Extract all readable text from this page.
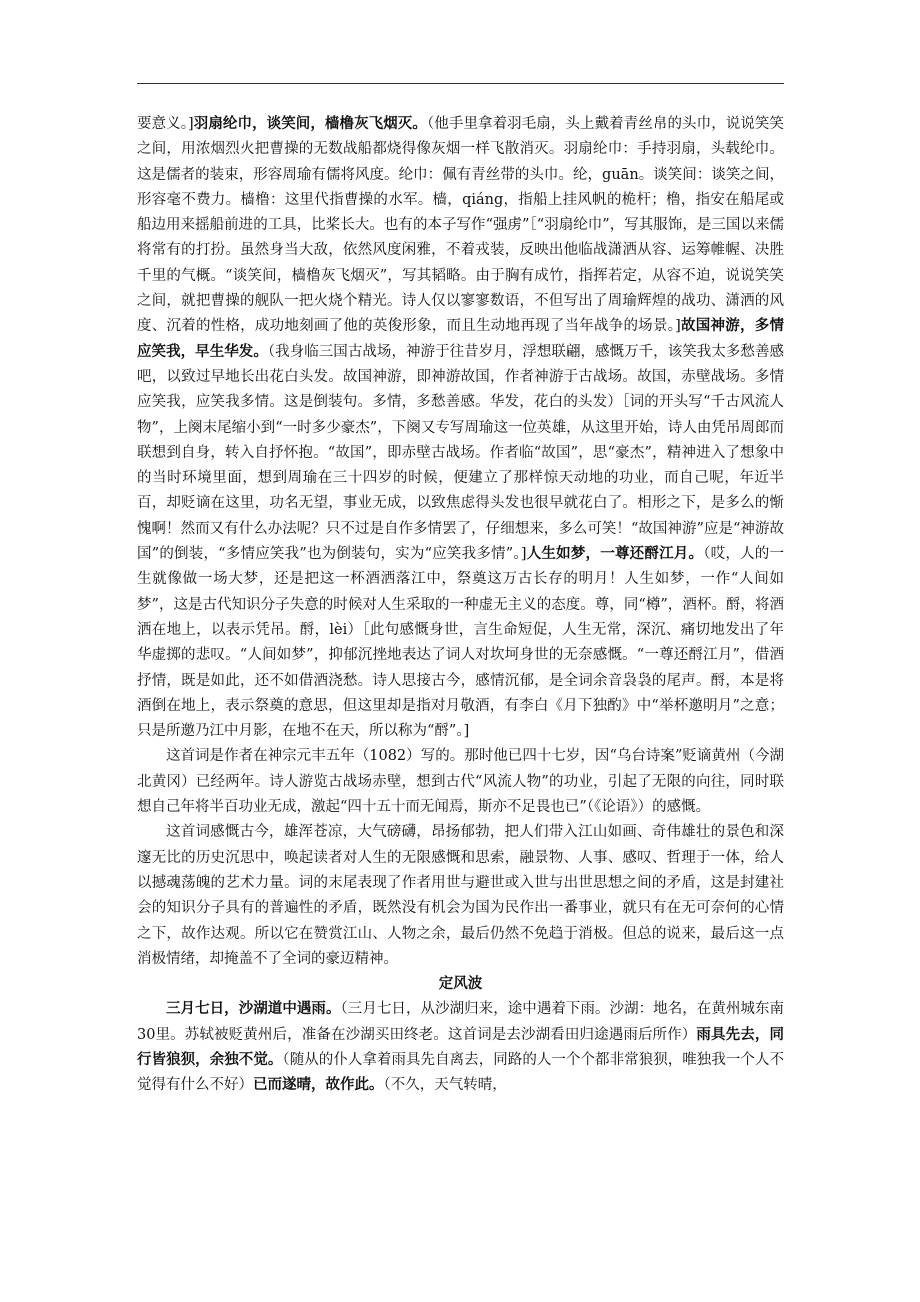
要意义。]羽扇纶巾，谈笑间，樯橹灰飞烟灭。（他手里拿着羽毛扇，头上戴着青丝帛的头巾，说说笑笑之间，用浓烟烈火把曹操的无数战船都烧得像灰烟一样飞散消灭。羽扇纶巾：手持羽扇，头载纶巾。这是儒者的装束，形容周瑜有儒将风度。纶巾：佩有青丝带的头巾。纶，guān。谈笑间：谈笑之间，形容毫不费力。樯橹：这里代指曹操的水军。樯，qiáng，指船上挂风帆的桅杆；橹，指安在船尾或船边用来摇船前进的工具，比桨长大。也有的本子写作“强虏”［“羽扇纶巾”，写其服饰，是三国以来儒将常有的打扮。虽然身当大敌，依然风度闲雅，不着戎装，反映出他临战潇洒从容、运筹帷幄、决胜千里的气概。“谈笑间，樯橹灰飞烟灭”，写其韬略。由于胸有成竹，指挥若定，从容不迫，说说笑笑之间，就把曹操的舰队一把火烧个精光。诗人仅以寥寥数语，不但写出了周瑜辉煌的战功、潇洒的风度、沉着的性格，成功地刻画了他的英俊形象，而且生动地再现了当年战争的场景。]故国神游，多情应笑我，早生华发。（我身临三国古战场，神游于往昔岁月，浮想联翩，感慨万千，该笑我太多愁善感吧，以致过早地长出花白头发。故国神游，即神游故国，作者神游于古战场。故国，赤壁战场。多情应笑我，应笑我多情。这是倒装句。多情，多愁善感。华发，花白的头发）［词的开头写“千古风流人物”，上阕末尾缩小到“一时多少豪杰”，下阕又专写周瑜这一位英雄，从这里开始，诗人由凭吊周郎而联想到自身，转入自抒怀抱。“故国”，即赤壁古战场。作者临“故国”，思“豪杰”，精神进入了想象中的当时环境里面，想到周瑜在三十四岁的时候，便建立了那样惊天动地的功业，而自己呢，年近半百，却贬谪在这里，功名无望，事业无成，以致焦虑得头发也很早就花白了。相形之下，是多么的惭愧啊！然而又有什么办法呢？只不过是自作多情罢了，仔细想来，多么可笑！“故国神游”应是“神游故国”的倒装，“多情应笑我”也为倒装句，实为“应笑我多情”。]人生如梦，一尊还酹江月。（哎，人的一生就像做一场大梦，还是把这一杯酒洒落江中，祭奠这万古长存的明月！人生如梦，一作“人间如梦”，这是古代知识分子失意的时候对人生采取的一种虚无主义的态度。尊，同“樽”，酒杯。酹，将酒洒在地上，以表示凭吊。酹，lèi）［此句感慨身世，言生命短促，人生无常，深沉、痛切地发出了年华虚掷的悲叹。“人间如梦”，抑郁沉挫地表达了词人对坎坷身世的无奈感慨。“一尊还酹江月”，借酒抒情，既是如此，还不如借酒浇愁。诗人思接古今，感情沉郁，是全词余音袅袅的尾声。酹，本是将酒倒在地上，表示祭奠的意思，但这里却是指对月敬酒，有李白《月下独酌》中“举杯邀明月”之意；只是所邀乃江中月影，在地不在天，所以称为“酹”。]

这首词是作者在神宗元丰五年（1082）写的。那时他已四十七岁，因“乌台诗案”贬谪黄州（今湖北黄冈）已经两年。诗人游览古战场赤壁，想到古代“风流人物”的功业，引起了无限的向往，同时联想自己年将半百功业无成，激起“四十五十而无闻焉，斯亦不足畏也已”（《论语》）的感慨。

这首词感慨古今，雄浑苍凉，大气磅礴，昂扬郁勃，把人们带入江山如画、奇伟雄壮的景色和深邃无比的历史沉思中，唤起读者对人生的无限感慨和思索，融景物、人事、感叹、哲理于一体，给人以撼魂荡魄的艺术力量。词的末尾表现了作者用世与避世或入世与出世思想之间的矛盾，这是封建社会的知识分子具有的普遍性的矛盾，既然没有机会为国为民作出一番事业，就只有在无可奈何的心情之下，故作达观。所以它在赞赏江山、人物之余，最后仍然不免趋于消极。但总的说来，最后这一点消极情绪，却掩盖不了全词的豪迈精神。

定风波

三月七日，沙湖道中遇雨。（三月七日，从沙湖归来，途中遇着下雨。沙湖：地名，在黄州城东南30里。苏轼被贬黄州后，准备在沙湖买田终老。这首词是去沙湖看田归途遇雨后所作）雨具先去，同行皆狼狈，余独不觉。（随从的仆人拿着雨具先自离去，同路的人一个个都非常狼狈，唯独我一个人不觉得有什么不好）已而遂晴，故作此。（不久，天气转晴，
